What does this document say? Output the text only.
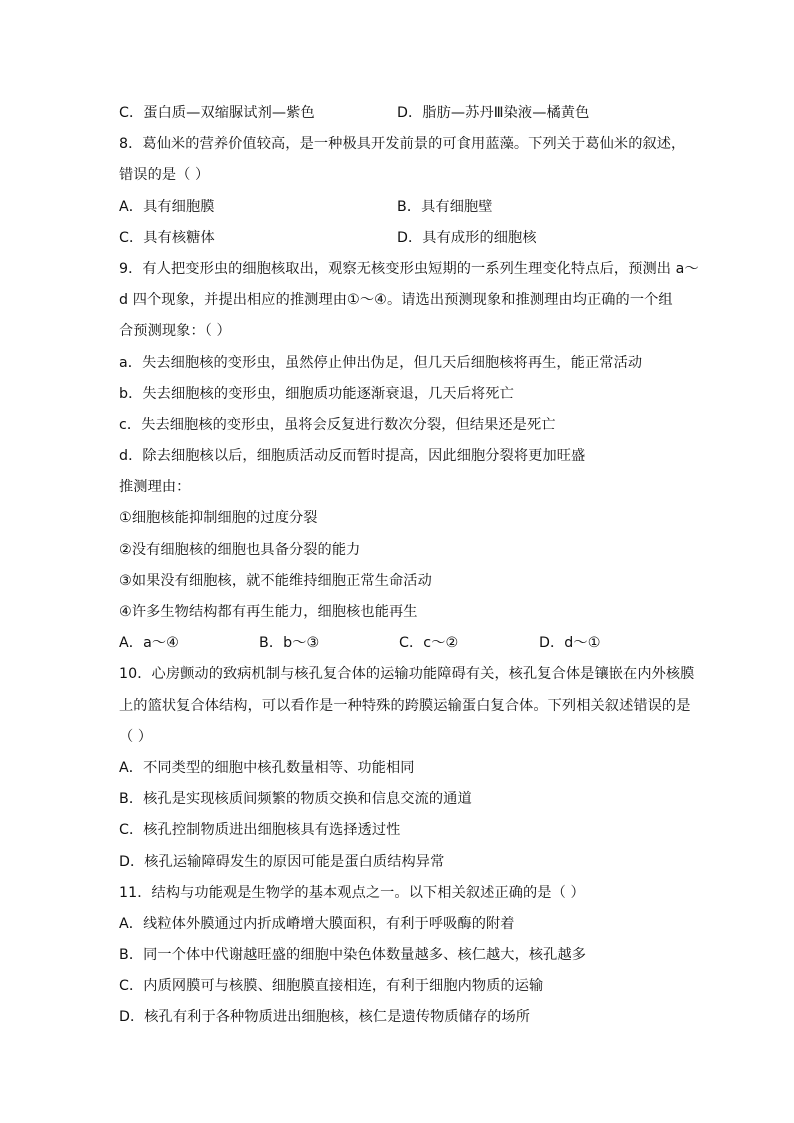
C．蛋白质—双缩脲试剂—紫色	D．脂肪—苏丹Ⅲ染液—橘黄色
8．葛仙米的营养价值较高，是一种极具开发前景的可食用蓝藻。下列关于葛仙米的叙述，
错误的是（ ）
A．具有细胞膜	B．具有细胞壁
C．具有核糖体	D．具有成形的细胞核
9．有人把变形虫的细胞核取出，观察无核变形虫短期的一系列生理变化特点后，预测出 a～
d 四个现象，并提出相应的推测理由①～④。请选出预测现象和推测理由均正确的一个组
合预测现象：（ ）
a．失去细胞核的变形虫，虽然停止伸出伪足，但几天后细胞核将再生，能正常活动
b．失去细胞核的变形虫，细胞质功能逐渐衰退，几天后将死亡
c．失去细胞核的变形虫，虽将会反复进行数次分裂，但结果还是死亡
d．除去细胞核以后，细胞质活动反而暂时提高，因此细胞分裂将更加旺盛
推测理由：
①细胞核能抑制细胞的过度分裂
②没有细胞核的细胞也具备分裂的能力
③如果没有细胞核，就不能维持细胞正常生命活动
④许多生物结构都有再生能力，细胞核也能再生
A．a～④	B．b～③	C．c～②	D．d～①
10．心房颤动的致病机制与核孔复合体的运输功能障碍有关，核孔复合体是镶嵌在内外核膜
上的篮状复合体结构，可以看作是一种特殊的跨膜运输蛋白复合体。下列相关叙述错误的是
（ ）
A．不同类型的细胞中核孔数量相等、功能相同
B．核孔是实现核质间频繁的物质交换和信息交流的通道
C．核孔控制物质进出细胞核具有选择透过性
D．核孔运输障碍发生的原因可能是蛋白质结构异常
11．结构与功能观是生物学的基本观点之一。以下相关叙述正确的是（ ）
A．线粒体外膜通过内折成嵴增大膜面积，有利于呼吸酶的附着
B．同一个体中代谢越旺盛的细胞中染色体数量越多、核仁越大，核孔越多
C．内质网膜可与核膜、细胞膜直接相连，有利于细胞内物质的运输
D．核孔有利于各种物质进出细胞核，核仁是遗传物质储存的场所
